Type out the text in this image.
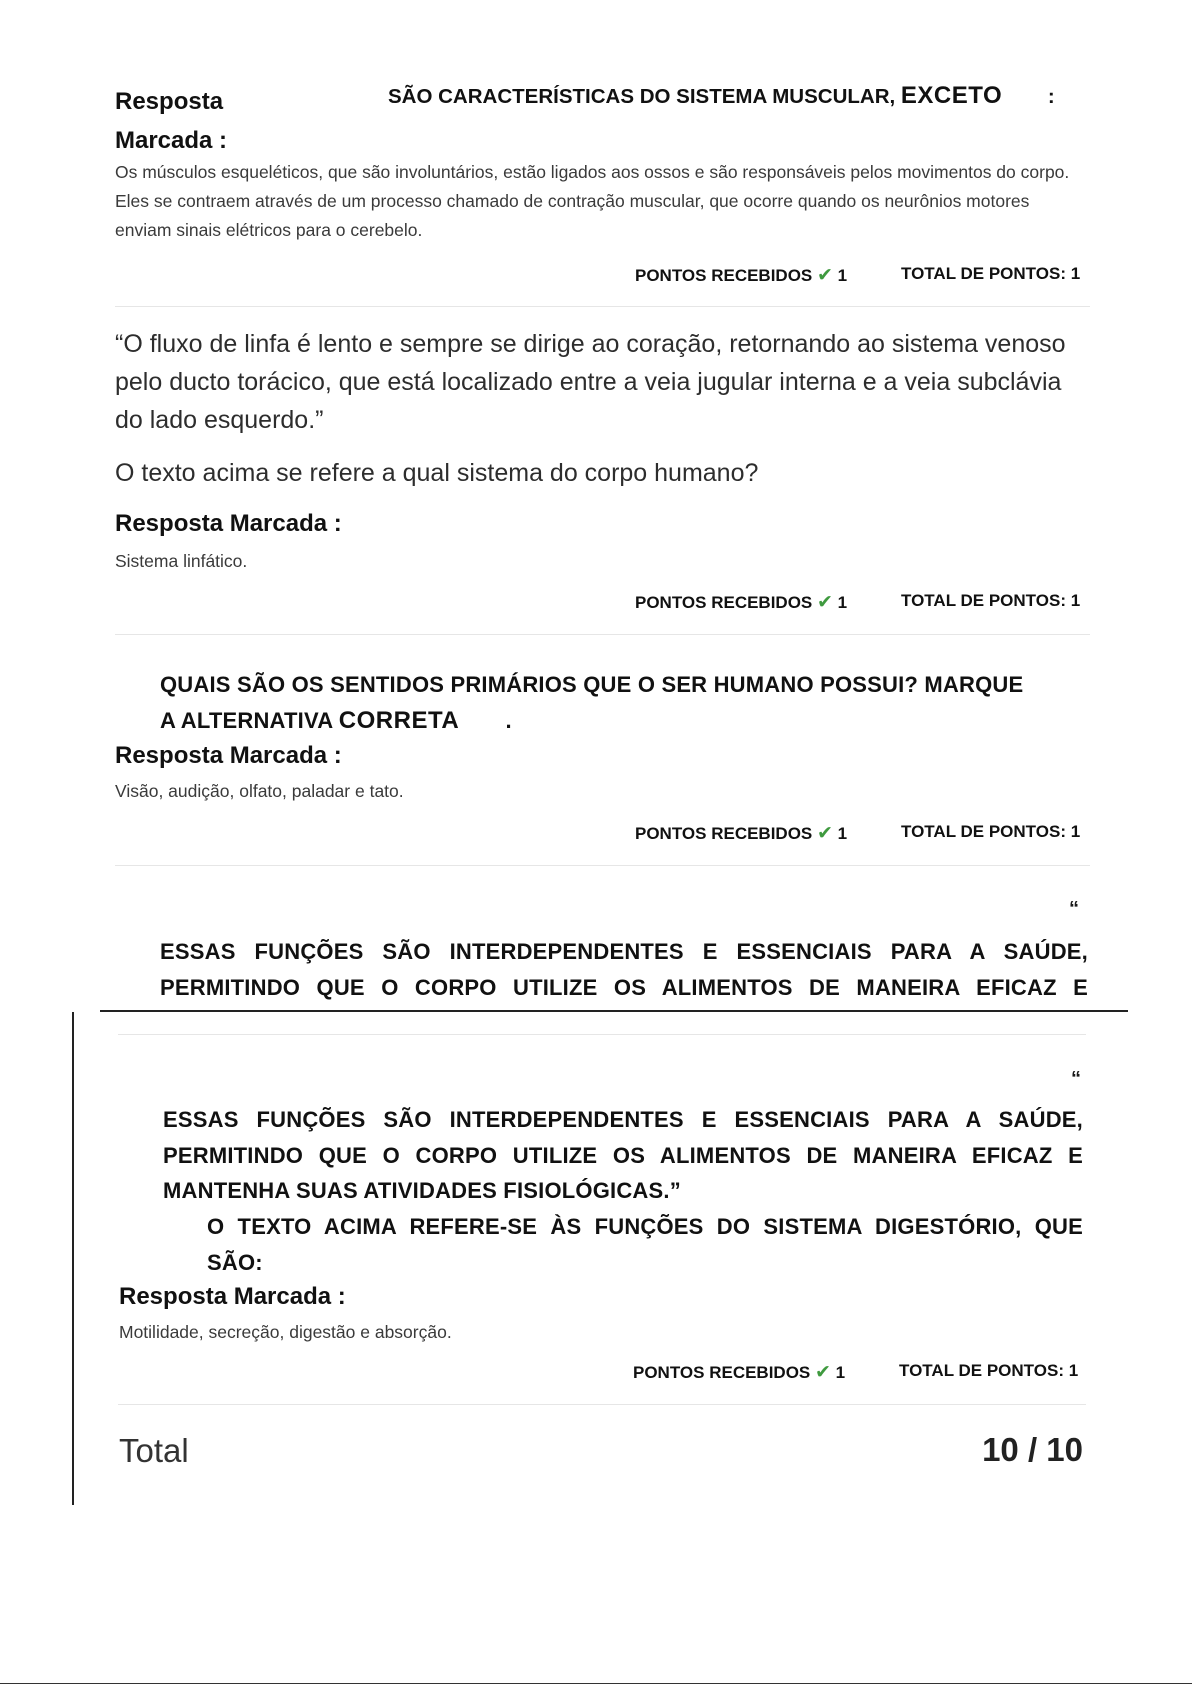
Resposta
Marcada :
SÃO CARACTERÍSTICAS DO SISTEMA MUSCULAR, EXCETO :
Os músculos esqueléticos, que são involuntários, estão ligados aos ossos e são responsáveis pelos movimentos do corpo. Eles se contraem através de um processo chamado de contração muscular, que ocorre quando os neurônios motores enviam sinais elétricos para o cerebelo.
PONTOS RECEBIDOS ✔ 1	TOTAL DE PONTOS: 1
“O fluxo de linfa é lento e sempre se dirige ao coração, retornando ao sistema venoso pelo ducto torácico, que está localizado entre a veia jugular interna e a veia subclávia do lado esquerdo.”
O texto acima se refere a qual sistema do corpo humano?
Resposta Marcada :
Sistema linfático.
PONTOS RECEBIDOS ✔ 1	TOTAL DE PONTOS: 1
QUAIS SÃO OS SENTIDOS PRIMÁRIOS QUE O SER HUMANO POSSUI? MARQUE
A ALTERNATIVA CORRETA .
Resposta Marcada :
Visão, audição, olfato, paladar e tato.
PONTOS RECEBIDOS ✔ 1	TOTAL DE PONTOS: 1
“
ESSAS FUNÇÕES SÃO INTERDEPENDENTES E ESSENCIAIS PARA A SAÚDE,
PERMITINDO QUE O CORPO UTILIZE OS ALIMENTOS DE MANEIRA EFICAZ E
“
ESSAS FUNÇÕES SÃO INTERDEPENDENTES E ESSENCIAIS PARA A SAÚDE,
PERMITINDO QUE O CORPO UTILIZE OS ALIMENTOS DE MANEIRA EFICAZ E
MANTENHA SUAS ATIVIDADES FISIOLÓGICAS.”
O TEXTO ACIMA REFERE-SE ÀS FUNÇÕES DO SISTEMA DIGESTÓRIO, QUE
SÃO:
Resposta Marcada :
Motilidade, secreção, digestão e absorção.
PONTOS RECEBIDOS ✔ 1	TOTAL DE PONTOS: 1
Total	10 / 10
